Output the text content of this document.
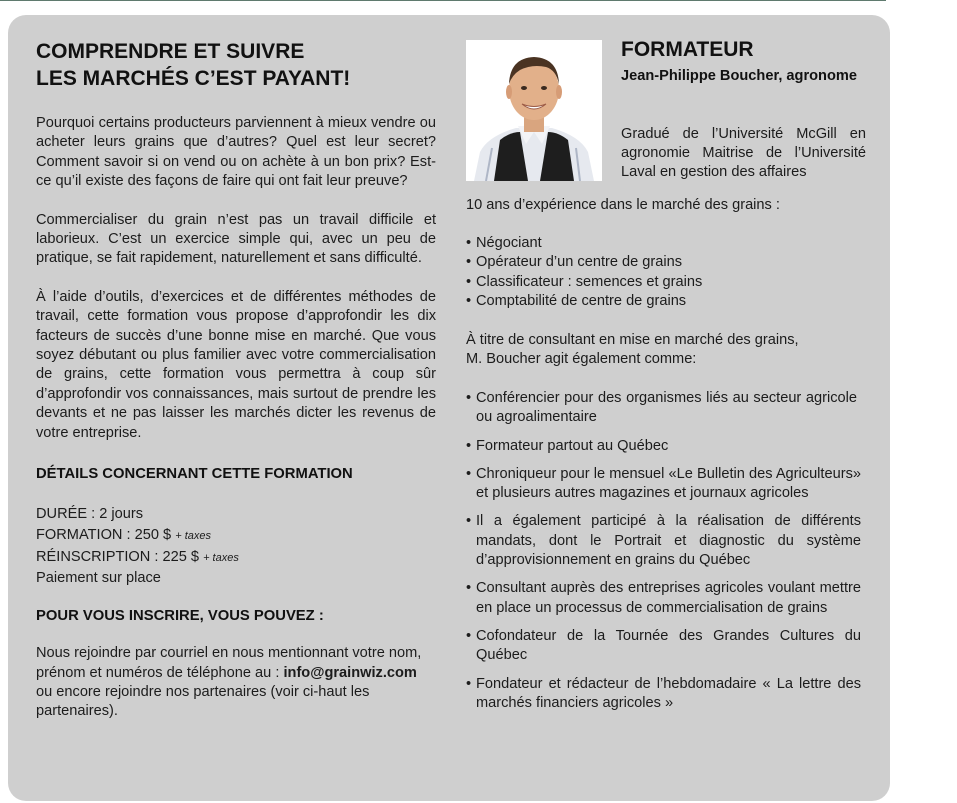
COMPRENDRE ET SUIVRE
LES MARCHÉS C’EST PAYANT!

Pourquoi certains producteurs parviennent à mieux vendre ou acheter leurs grains que d’autres? Quel est leur secret? Comment savoir si on vend ou on achète à un bon prix? Est-ce qu’il existe des façons de faire qui ont fait leur preuve?

Commercialiser du grain n’est pas un travail difficile et laborieux. C’est un exercice simple qui, avec un peu de pratique, se fait rapidement, naturellement et sans difficulté.

À l’aide d’outils, d’exercices et de différentes méthodes de travail, cette formation vous propose d’approfondir les dix facteurs de succès d’une bonne mise en marché. Que vous soyez débutant ou plus familier avec votre commercialisation de grains, cette formation vous permettra à coup sûr d’approfondir vos connaissances, mais surtout de prendre les devants et ne pas laisser les marchés dicter les revenus de votre entreprise.

DÉTAILS CONCERNANT CETTE FORMATION
DURÉE : 2 jours
FORMATION : 250 $ + taxes
RÉINSCRIPTION : 225 $ + taxes
Paiement sur place
POUR VOUS INSCRIRE, VOUS POUVEZ :

Nous rejoindre par courriel en nous mentionnant votre nom, prénom et numéros de téléphone au : info@grainwiz.com ou encore rejoindre nos partenaires (voir ci-haut les partenaires).

FORMATEUR
Jean-Philippe Boucher, agronome
Gradué de l’Université McGill en agronomie Maitrise de l’Université Laval en gestion des affaires
10 ans d’expérience dans le marché des grains :
• Négociant
• Opérateur d’un centre de grains
• Classificateur : semences et grains
• Comptabilité de centre de grains
À titre de consultant en mise en marché des grains,
M. Boucher agit également comme:
• Conférencier pour des organismes liés au secteur agricole ou agroalimentaire
• Formateur partout au Québec
• Chroniqueur pour le mensuel «Le Bulletin des Agriculteurs» et plusieurs autres magazines et journaux agricoles
• Il a également participé à la réalisation de différents mandats, dont le Portrait et diagnostic du système d’approvisionnement en grains du Québec
• Consultant auprès des entreprises agricoles voulant mettre en place un processus de commercialisation de grains
• Cofondateur de la Tournée des Grandes Cultures du Québec
• Fondateur et rédacteur de l’hebdomadaire « La lettre des marchés financiers agricoles »
